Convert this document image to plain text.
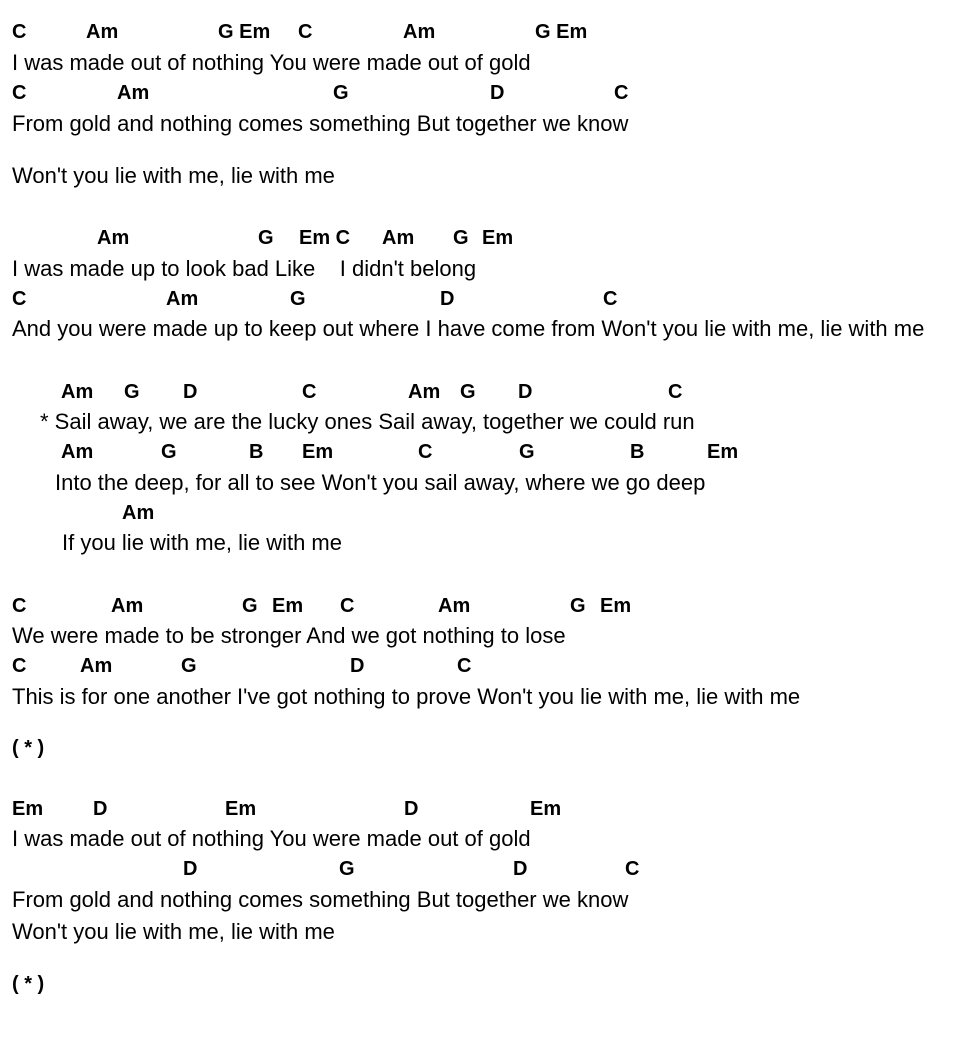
C	Am	G Em C	Am	G Em
I was made out of nothing You were made out of gold
C	Am	G	D	C
From gold and nothing comes something But together we know
Won't you lie with me, lie with me
Am	G Em C Am G Em
I was made up to look bad Like    I didn't belong
C	Am	G	D	C
And you were made up to keep out where I have come from Won't you lie with me, lie with me
Am G D	C	Am G D	C
* Sail away, we are the lucky ones Sail away, together we could run
Am	G	B Em	C	G	B	Em
Into the deep, for all to see Won't you sail away, where we go deep
Am
If you lie with me, lie with me
C	Am	G Em C	Am	G Em
We were made to be stronger And we got nothing to lose
C	Am	G	D	C
This is for one another I've got nothing to prove Won't you lie with me, lie with me
( * )
Em D	Em	D	Em
I was made out of nothing You were made out of gold
D	G	D	C
From gold and nothing comes something But together we know
Won't you lie with me, lie with me
( * )
